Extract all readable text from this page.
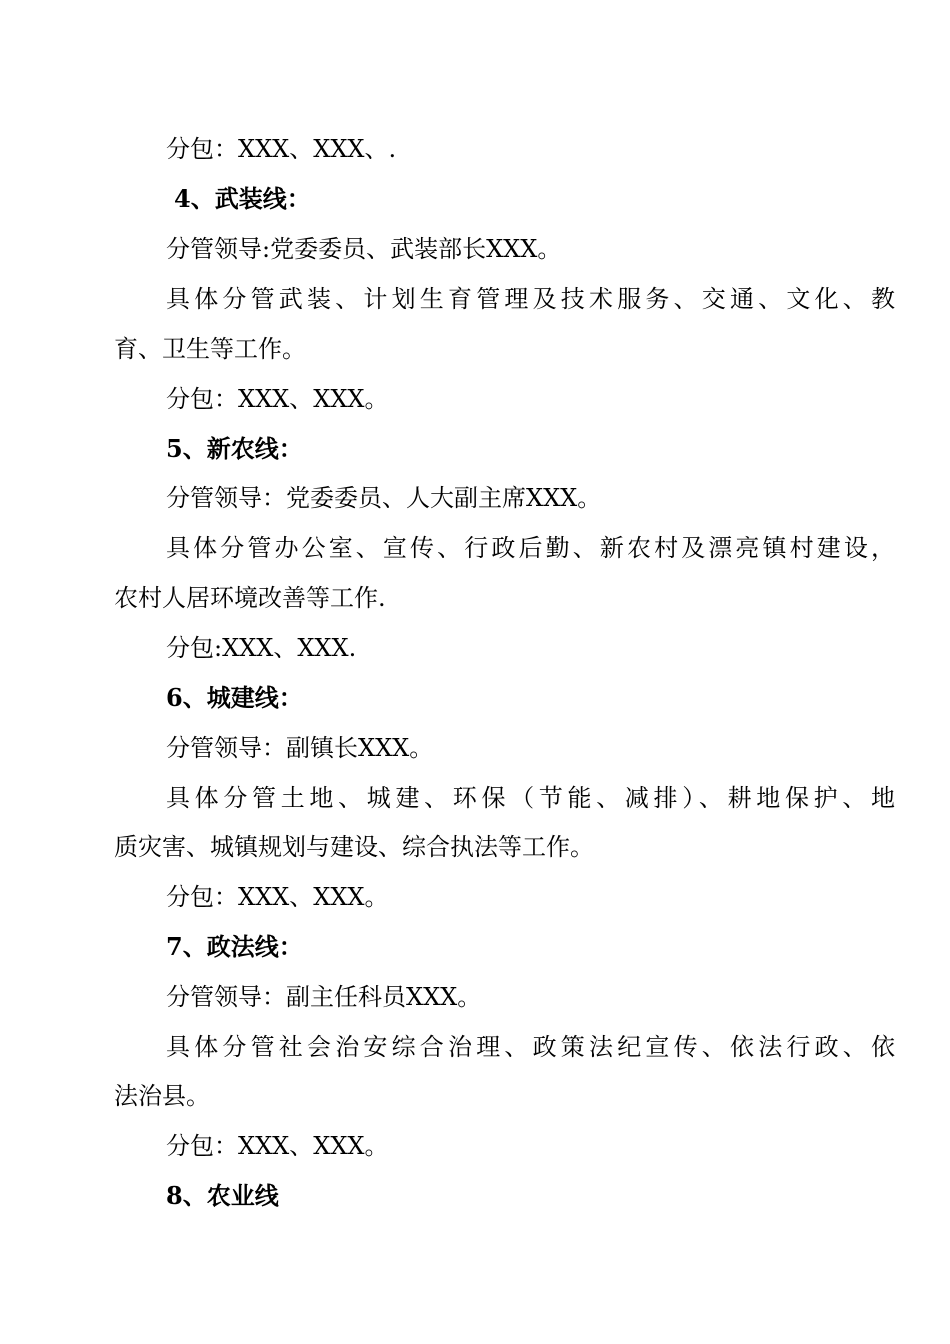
分包：XXX、XXX、.
4、武装线：
分管领导:党委委员、武装部长XXX。
具体分管武装、计划生育管理及技术服务、交通、文化、教
育、卫生等工作。
分包：XXX、XXX。
5、新农线：
分管领导：党委委员、人大副主席XXX。
具体分管办公室、宣传、行政后勤、新农村及漂亮镇村建设，
农村人居环境改善等工作.
分包:XXX、XXX.
6、城建线：
分管领导：副镇长XXX。
具体分管土地、城建、环保（节能、减排）、耕地保护、地
质灾害、城镇规划与建设、综合执法等工作。
分包：XXX、XXX。
7、政法线：
分管领导：副主任科员XXX。
具体分管社会治安综合治理、政策法纪宣传、依法行政、依
法治县。
分包：XXX、XXX。
8、农业线
